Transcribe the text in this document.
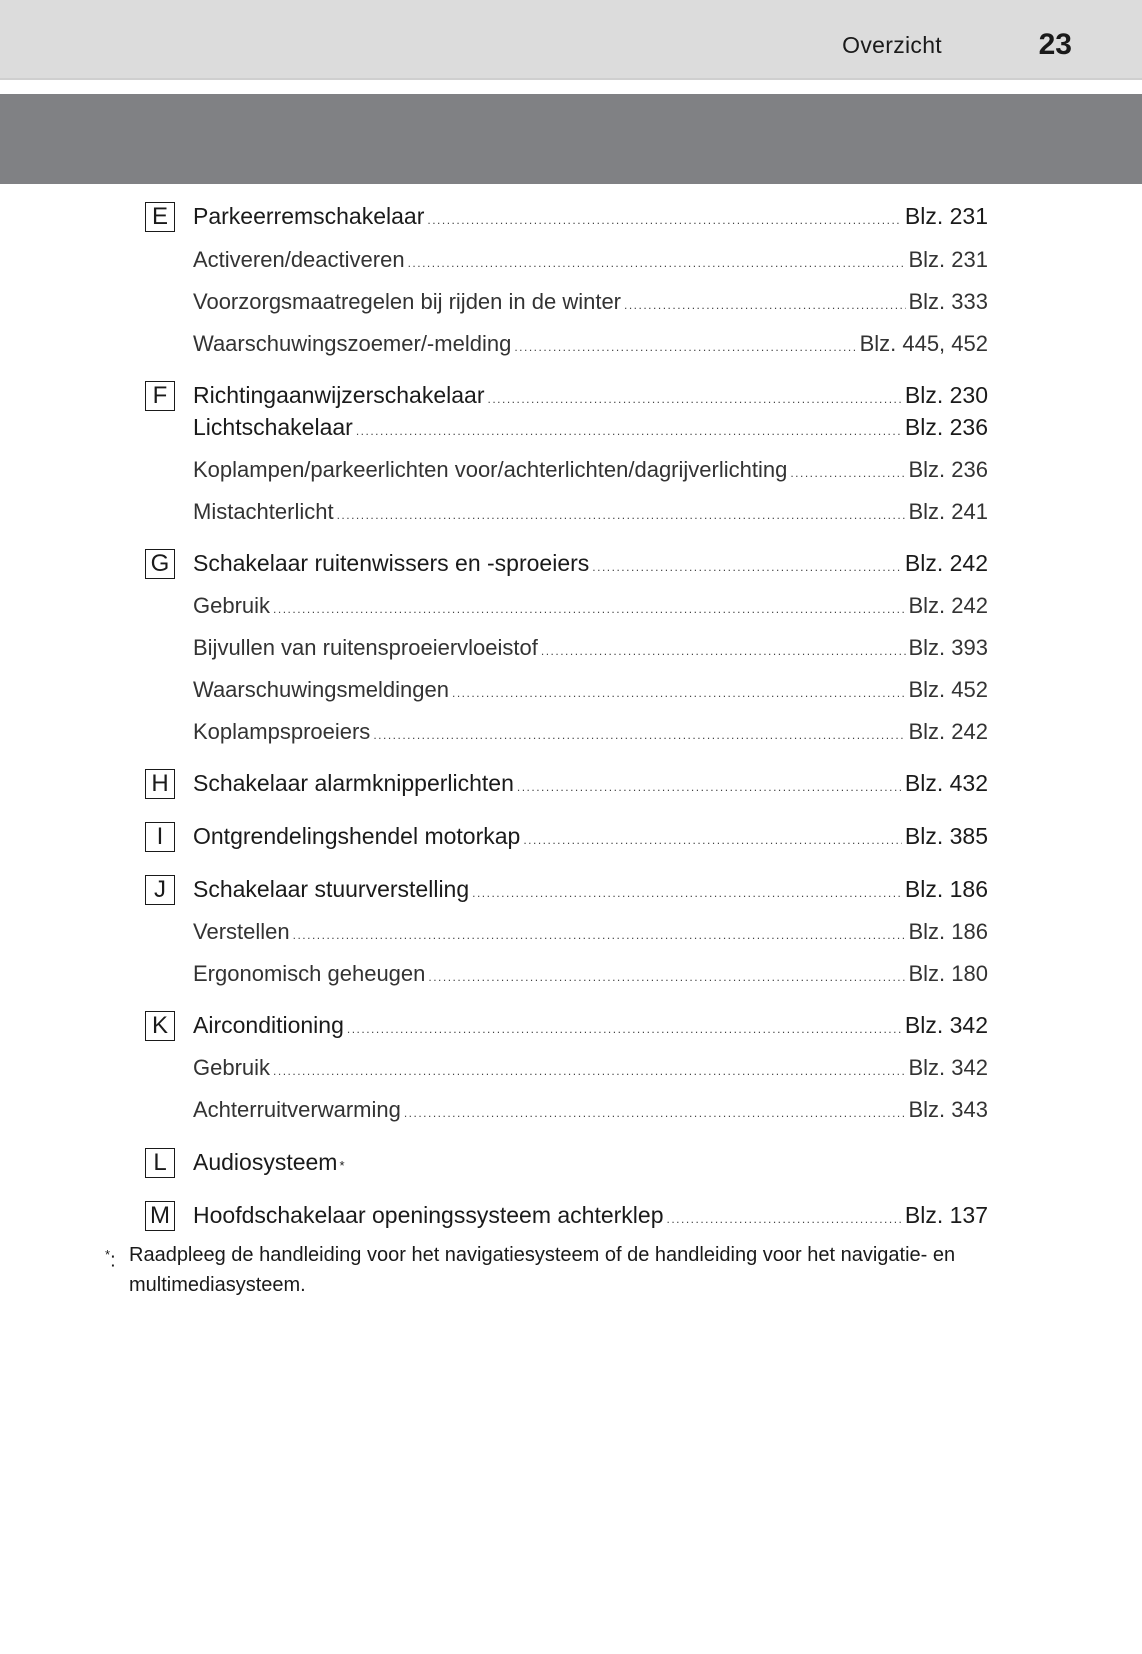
Overzicht	23
E	Parkeerremschakelaar .....	Blz. 231
Activeren/deactiveren .....	Blz. 231
Voorzorgsmaatregelen bij rijden in de winter .....	Blz. 333
Waarschuwingszoemer/-melding .....	Blz. 445, 452
F	Richtingaanwijzerschakelaar .....	Blz. 230
Lichtschakelaar .....	Blz. 236
Koplampen/parkeerlichten voor/achterlichten/dagrijverlichting .....	Blz. 236
Mistachterlicht .....	Blz. 241
G Schakelaar ruitenwissers en -sproeiers .....	Blz. 242
Gebruik .....	Blz. 242
Bijvullen van ruitensproeiervloeistof .....	Blz. 393
Waarschuwingsmeldingen .....	Blz. 452
Koplampsproeiers .....	Blz. 242
H Schakelaar alarmknipperlichten .....	Blz. 432
I	Ontgrendelingshendel motorkap .....	Blz. 385
J	Schakelaar stuurverstelling .....	Blz. 186
Verstellen .....	Blz. 186
Ergonomisch geheugen .....	Blz. 180
K	Airconditioning .....	Blz. 342
Gebruik .....	Blz. 342
Achterruitverwarming .....	Blz. 343
L	Audiosysteem *
M Hoofdschakelaar openingssysteem achterklep .....	Blz. 137
*: Raadpleeg de handleiding voor het navigatiesysteem of de handleiding voor het navigatie- en multimediasysteem.
